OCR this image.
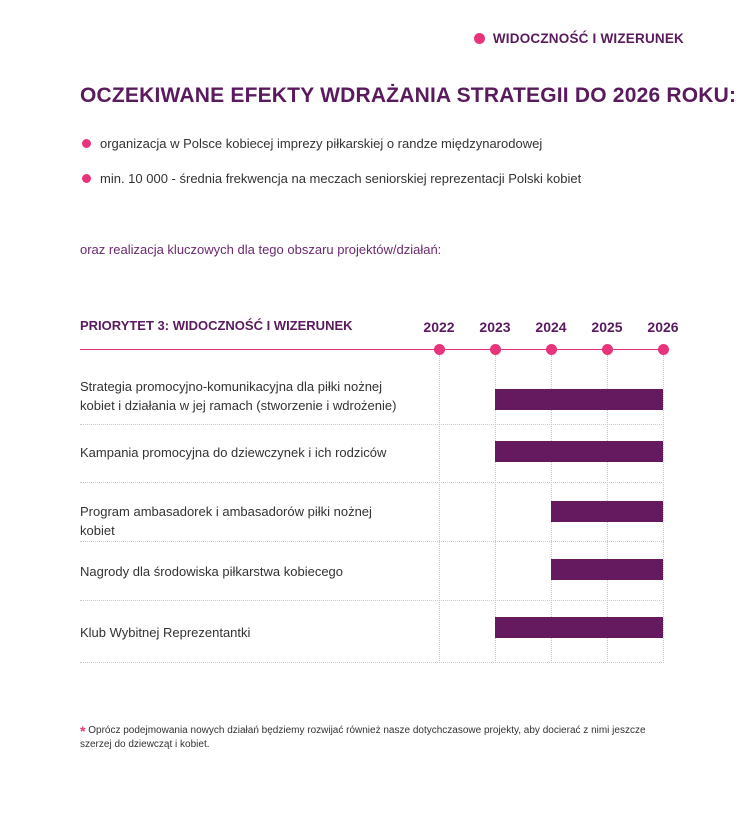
WIDOCZNOŚĆ I WIZERUNEK
OCZEKIWANE EFEKTY WDRAŻANIA STRATEGII DO 2026 ROKU:
organizacja w Polsce kobiecej imprezy piłkarskiej o randze międzynarodowej
min. 10 000 - średnia frekwencja na meczach seniorskiej reprezentacji Polski kobiet
oraz realizacja kluczowych dla tego obszaru projektów/działań:
PRIORYTET 3: WIDOCZNOŚĆ I WIZERUNEK
Strategia promocyjno-komunikacyjna dla piłki nożnej kobiet i działania w jej ramach (stworzenie i wdrożenie)
Kampania promocyjna do dziewczynek i ich rodziców
Program ambasadorek i ambasadorów piłki nożnej kobiet
Nagrody dla środowiska piłkarstwa kobiecego
Klub Wybitnej Reprezentantki
2022	2023	2024	2025	2026
* Oprócz podejmowania nowych działań będziemy rozwijać również nasze dotychczasowe projekty, aby docierać z nimi jeszcze szerzej do dziewcząt i kobiet.
